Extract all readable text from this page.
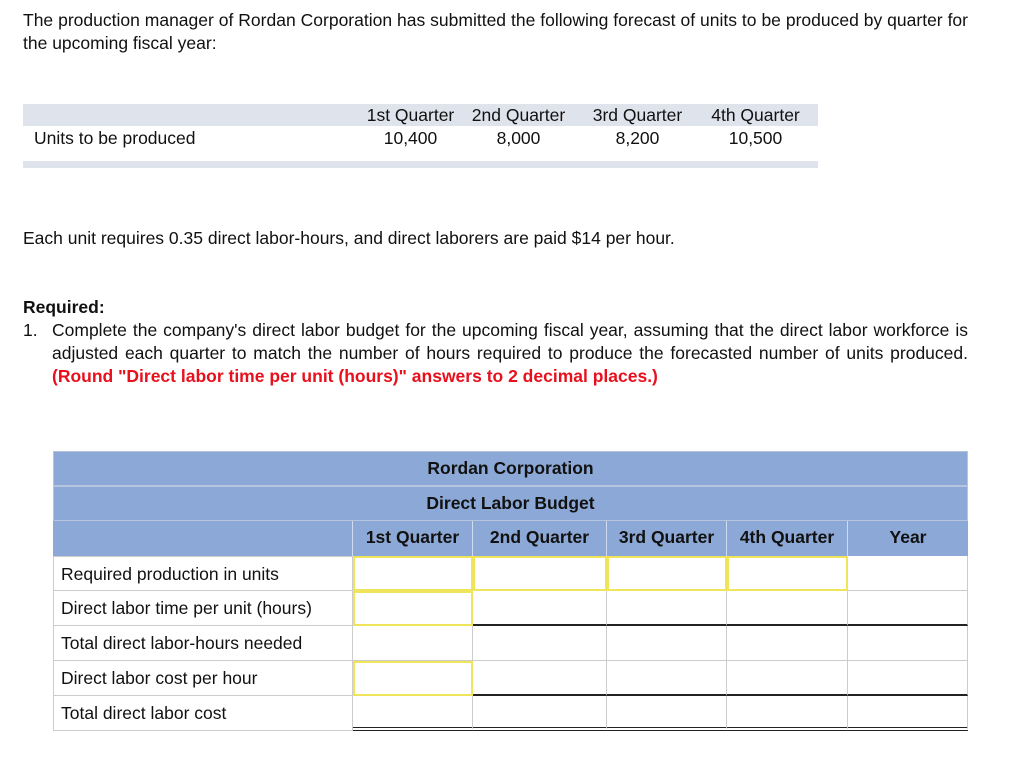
The production manager of Rordan Corporation has submitted the following forecast of units to be produced by quarter for the upcoming fiscal year:
1st Quarter	2nd Quarter	3rd Quarter	4th Quarter
Units to be produced	10,400	8,000	8,200	10,500
Each unit requires 0.35 direct labor-hours, and direct laborers are paid $14 per hour.
Required:
1. Complete the company's direct labor budget for the upcoming fiscal year, assuming that the direct labor workforce is adjusted each quarter to match the number of hours required to produce the forecasted number of units produced. (Round "Direct labor time per unit (hours)" answers to 2 decimal places.)
Rordan Corporation
Direct Labor Budget
1st Quarter	2nd Quarter	3rd Quarter	4th Quarter	Year
Required production in units
Direct labor time per unit (hours)
Total direct labor-hours needed
Direct labor cost per hour
Total direct labor cost
